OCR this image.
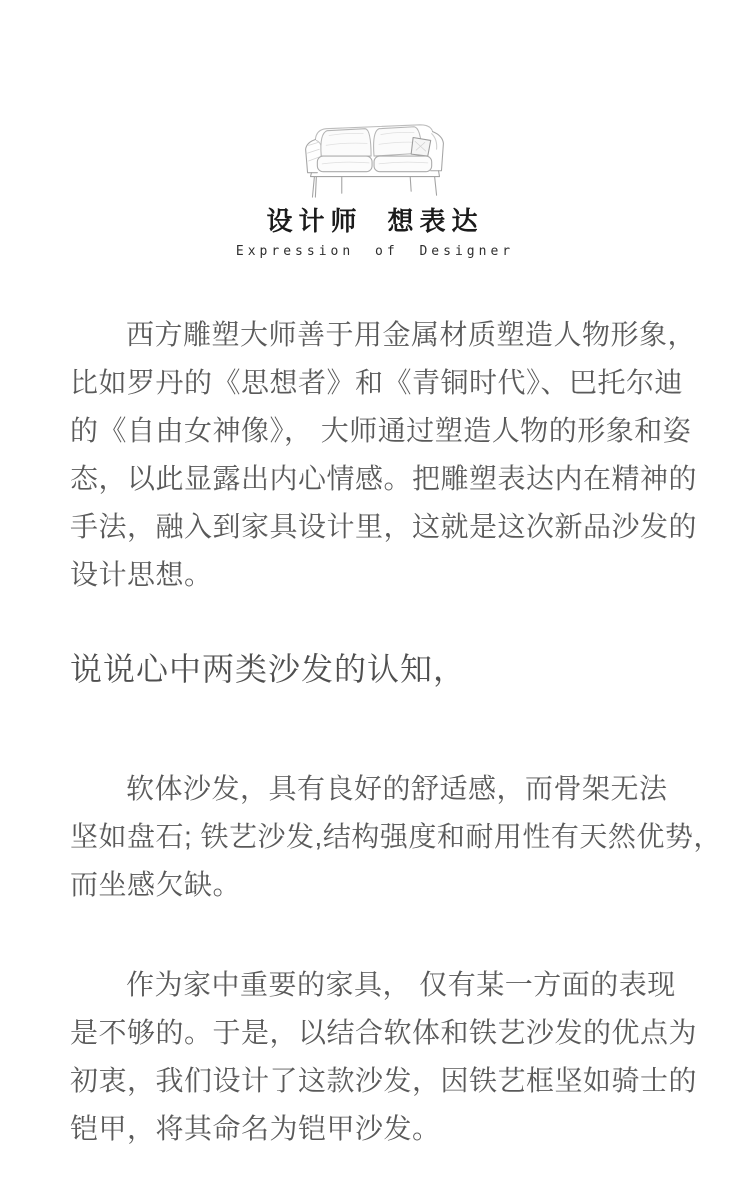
设计师 想表达
Expression of Designer

西方雕塑大师善于用金属材质塑造人物形象，
比如罗丹的《思想者》和《青铜时代》、巴托尔迪
的《自由女神像》， 大师通过塑造人物的形象和姿
态，以此显露出内心情感。把雕塑表达内在精神的
手法，融入到家具设计里，这就是这次新品沙发的
设计思想。

说说心中两类沙发的认知，

软体沙发，具有良好的舒适感，而骨架无法
坚如盘石; 铁艺沙发,结构强度和耐用性有天然优势，
而坐感欠缺。

作为家中重要的家具， 仅有某一方面的表现
是不够的。于是，以结合软体和铁艺沙发的优点为
初衷，我们设计了这款沙发，因铁艺框坚如骑士的
铠甲，将其命名为铠甲沙发。
